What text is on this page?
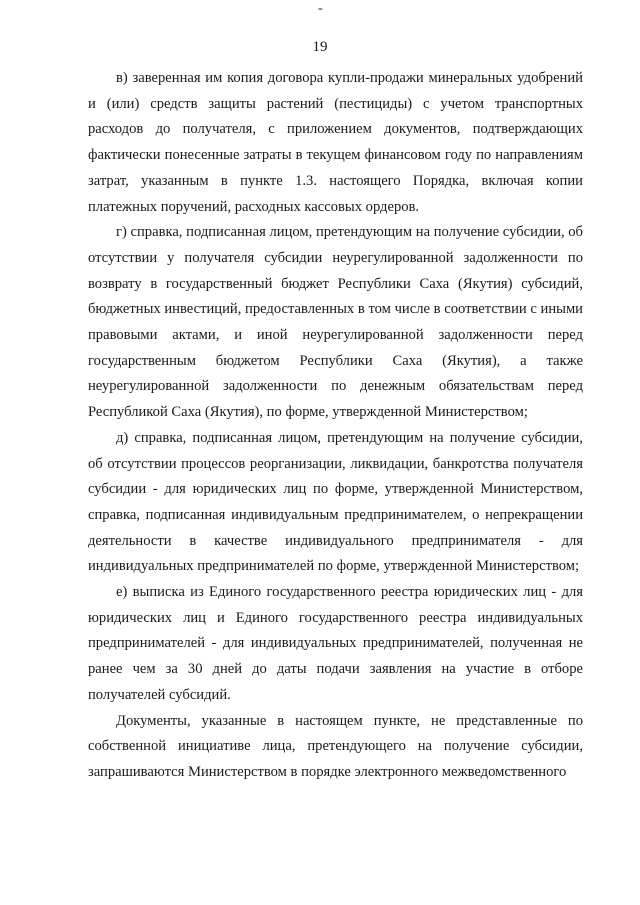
-
19

в) заверенная им копия договора купли-продажи минеральных удобрений и (или) средств защиты растений (пестициды) с учетом транспортных расходов до получателя, с приложением документов, подтверждающих фактически понесенные затраты в текущем финансовом году по направлениям затрат, указанным в пункте 1.3. настоящего Порядка, включая копии платежных поручений, расходных кассовых ордеров.

г) справка, подписанная лицом, претендующим на получение субсидии, об отсутствии у получателя субсидии неурегулированной задолженности по возврату в государственный бюджет Республики Саха (Якутия) субсидий, бюджетных инвестиций, предоставленных в том числе в соответствии с иными правовыми актами, и иной неурегулированной задолженности перед государственным бюджетом Республики Саха (Якутия), а также неурегулированной задолженности по денежным обязательствам перед Республикой Саха (Якутия), по форме, утвержденной Министерством;

д) справка, подписанная лицом, претендующим на получение субсидии, об отсутствии процессов реорганизации, ликвидации, банкротства получателя субсидии - для юридических лиц по форме, утвержденной Министерством, справка, подписанная индивидуальным предпринимателем, о непрекращении деятельности в качестве индивидуального предпринимателя - для индивидуальных предпринимателей по форме, утвержденной Министерством;

е) выписка из Единого государственного реестра юридических лиц - для юридических лиц и Единого государственного реестра индивидуальных предпринимателей - для индивидуальных предпринимателей, полученная не ранее чем за 30 дней до даты подачи заявления на участие в отборе получателей субсидий.

Документы, указанные в настоящем пункте, не представленные по собственной инициативе лица, претендующего на получение субсидии, запрашиваются Министерством в порядке электронного межведомственного
